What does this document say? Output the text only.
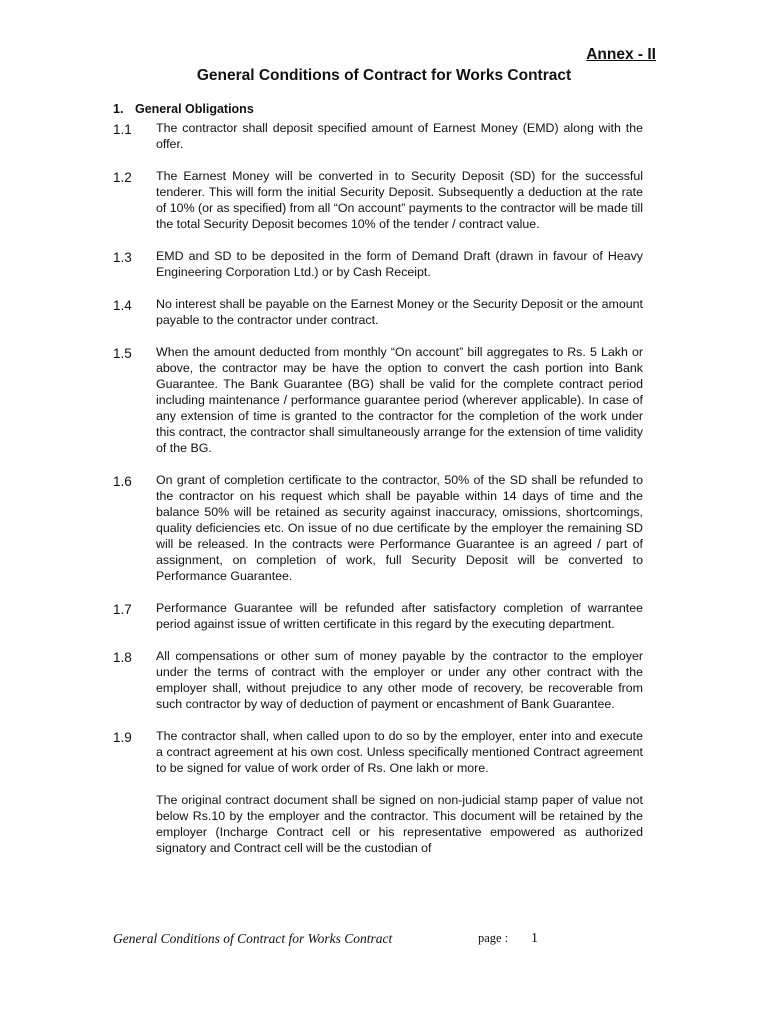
Annex - II
General Conditions of Contract for Works Contract
1. General Obligations
1.1	The contractor shall deposit specified amount of Earnest Money (EMD) along with the offer.
1.2	The Earnest Money will be converted in to Security Deposit (SD) for the successful tenderer. This will form the initial Security Deposit. Subsequently a deduction at the rate of 10% (or as specified) from all “On account” payments to the contractor will be made till the total Security Deposit becomes 10% of the tender / contract value.
1.3	EMD and SD to be deposited in the form of Demand Draft (drawn in favour of Heavy Engineering Corporation Ltd.) or by Cash Receipt.
1.4	No interest shall be payable on the Earnest Money or the Security Deposit or the amount payable to the contractor under contract.
1.5	When the amount deducted from monthly “On account” bill aggregates to Rs. 5 Lakh or above, the contractor may be have the option to convert the cash portion into Bank Guarantee. The Bank Guarantee (BG) shall be valid for the complete contract period including maintenance / performance guarantee period (wherever applicable). In case of any extension of time is granted to the contractor for the completion of the work under this contract, the contractor shall simultaneously arrange for the extension of time validity of the BG.
1.6	On grant of completion certificate to the contractor, 50% of the SD shall be refunded to the contractor on his request which shall be payable within 14 days of time and the balance 50% will be retained as security against inaccuracy, omissions, shortcomings, quality deficiencies etc. On issue of no due certificate by the employer the remaining SD will be released. In the contracts were Performance Guarantee is an agreed / part of assignment, on completion of work, full Security Deposit will be converted to Performance Guarantee.
1.7	Performance Guarantee will be refunded after satisfactory completion of warrantee period against issue of written certificate in this regard by the executing department.
1.8	All compensations or other sum of money payable by the contractor to the employer under the terms of contract with the employer or under any other contract with the employer shall, without prejudice to any other mode of recovery, be recoverable from such contractor by way of deduction of payment or encashment of Bank Guarantee.
1.9	The contractor shall, when called upon to do so by the employer, enter into and execute a contract agreement at his own cost. Unless specifically mentioned Contract agreement to be signed for value of work order of Rs. One lakh or more.
The original contract document shall be signed on non-judicial stamp paper of value not below Rs.10 by the employer and the contractor. This document will be retained by the employer (Incharge Contract cell or his representative empowered as authorized signatory and Contract cell will be the custodian of
General Conditions of Contract for Works Contract	page : 1
